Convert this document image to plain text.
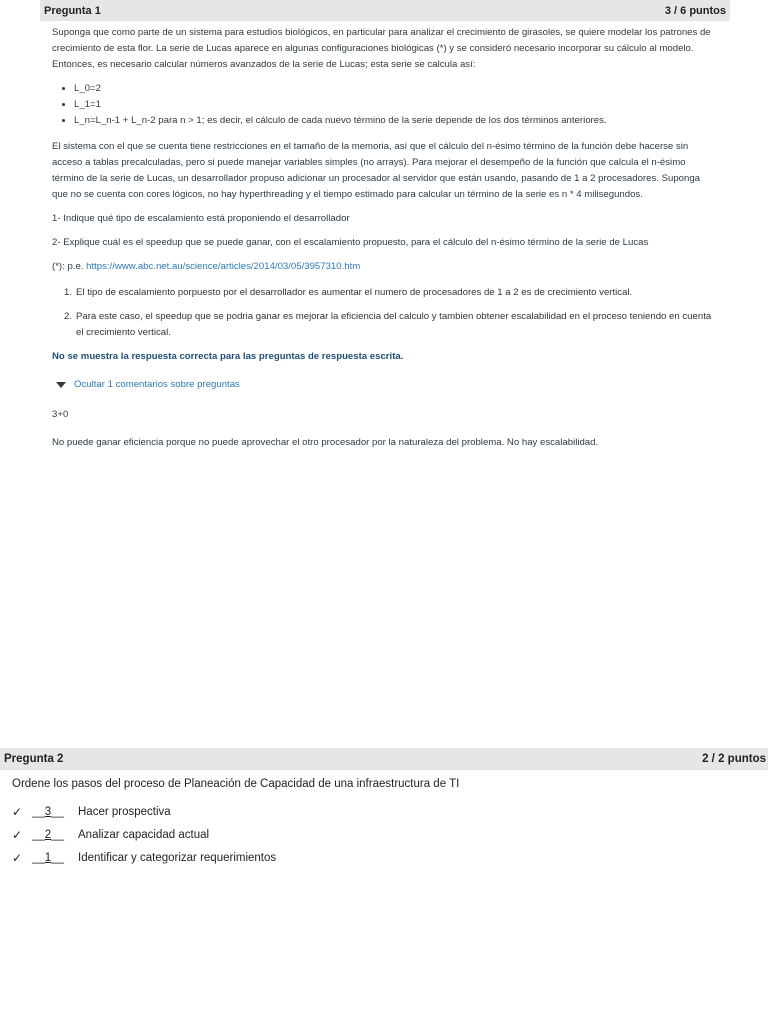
Pregunta 1	3 / 6 puntos

Suponga que como parte de un sistema para estudios biológicos, en particular para analizar el crecimiento de girasoles, se quiere modelar los patrones de crecimiento de esta flor. La serie de Lucas aparece en algunas configuraciones biológicas (*) y se consideró necesario incorporar su cálculo al modelo. Entonces, es necesario calcular números avanzados de la serie de Lucas; esta serie se calcula así:

• L_0=2
• L_1=1
• L_n=L_n-1 + L_n-2 para n > 1; es decir, el cálculo de cada nuevo término de la serie depende de los dos términos anteriores.

El sistema con el que se cuenta tiene restricciones en el tamaño de la memoria, así que el cálculo del n-ésimo término de la función debe hacerse sin acceso a tablas precalculadas, pero si puede manejar variables simples (no arrays). Para mejorar el desempeño de la función que calcula el n-ésimo término de la serie de Lucas, un desarrollador propuso adicionar un procesador al servidor que están usando, pasando de 1 a 2 procesadores. Suponga que no se cuenta con cores lógicos, no hay hyperthreading y el tiempo estimado para calcular un término de la serie es n * 4 milisegundos.

1- Indique qué tipo de escalamiento está proponiendo el desarrollador

2- Explique cuál es el speedup que se puede ganar, con el escalamiento propuesto, para el cálculo del n-ésimo término de la serie de Lucas

(*): p.e. https://www.abc.net.au/science/articles/2014/03/05/3957310.htm

1. El tipo de escalamiento porpuesto por el desarrollador es aumentar el numero de procesadores de 1 a 2 es de crecimiento vertical.

2. Para este caso, el speedup que se podria ganar es mejorar la eficiencia del calculo y tambien obtener escalabilidad en el proceso teniendo en cuenta el crecimiento vertical.

No se muestra la respuesta correcta para las preguntas de respuesta escrita.
Ocultar 1 comentarios sobre preguntas
3+0
No puede ganar eficiencia porque no puede aprovechar el otro procesador por la naturaleza del problema. No hay escalabilidad.
Pregunta 2	2 / 2 puntos
Ordene los pasos del proceso de Planeación de Capacidad de una infraestructura de TI
✓ __3__	Hacer prospectiva
✓ __2__	Analizar capacidad actual
✓ __1__	Identificar y categorizar requerimientos
